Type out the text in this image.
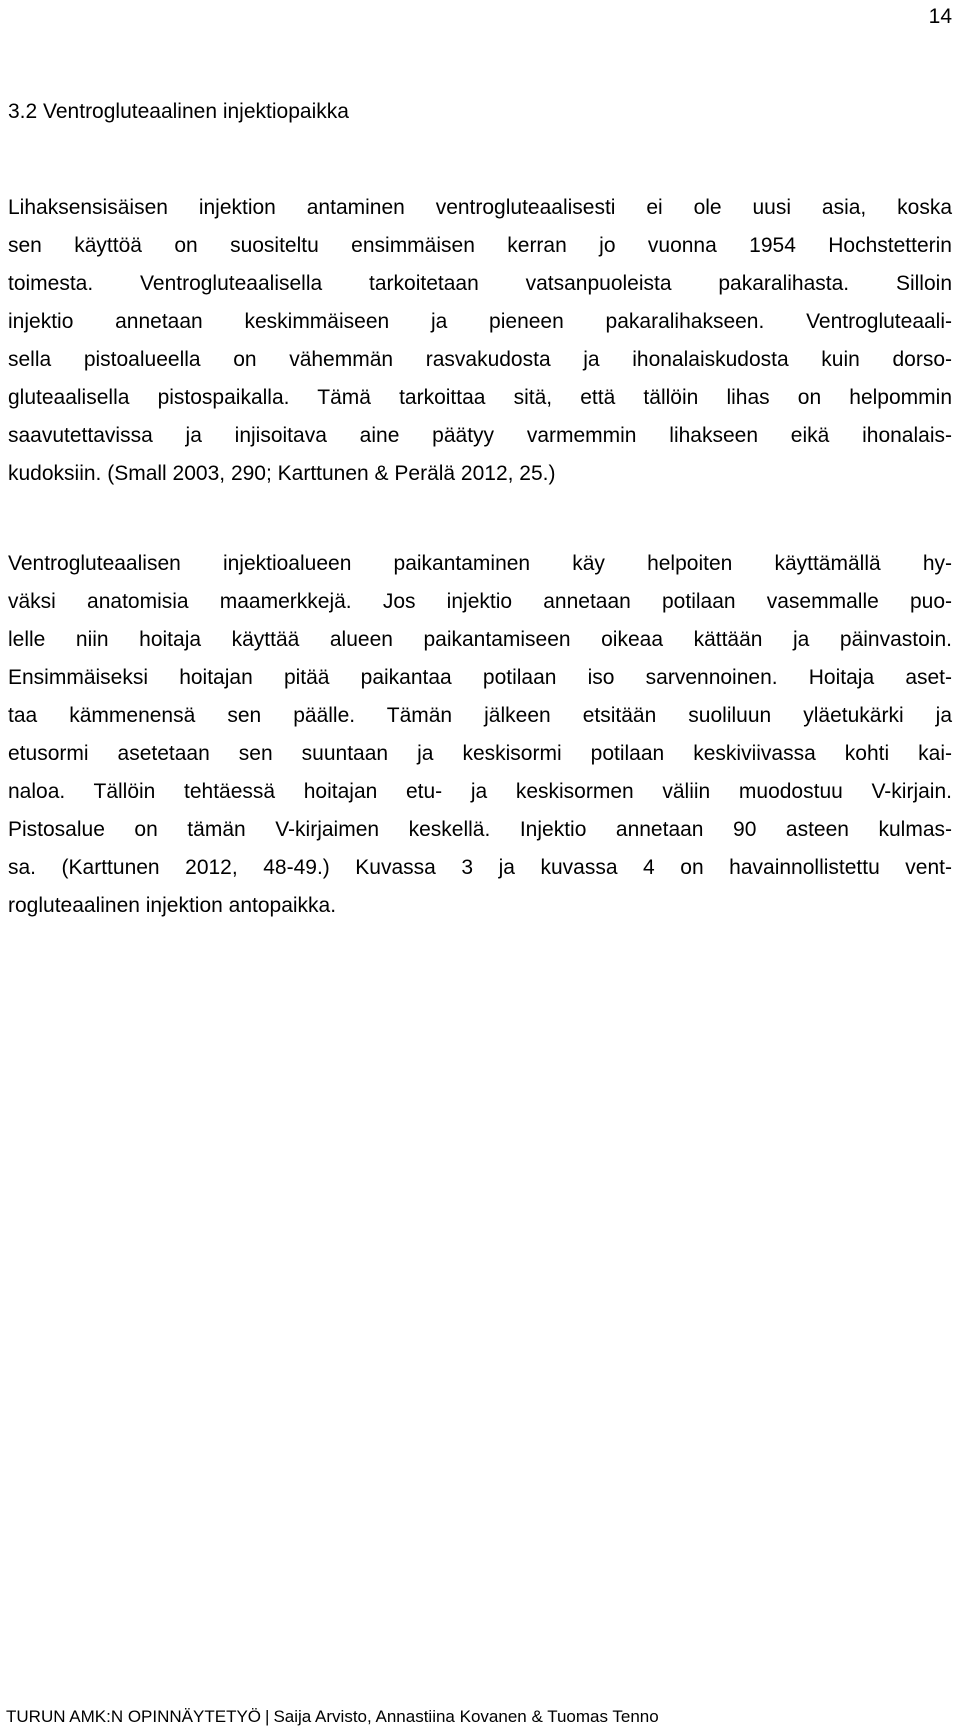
14
3.2 Ventrogluteaalinen injektiopaikka
Lihaksensisäisen injektion antaminen ventrogluteaalisesti ei ole uusi asia, koska
sen käyttöä on suositeltu ensimmäisen kerran jo vuonna 1954 Hochstetterin
toimesta. Ventrogluteaalisella tarkoitetaan vatsanpuoleista pakaralihasta. Silloin
injektio annetaan keskimmäiseen ja pieneen pakaralihakseen. Ventrogluteaali-
sella pistoalueella on vähemmän rasvakudosta ja ihonalaiskudosta kuin dorso-
gluteaalisella pistospaikalla. Tämä tarkoittaa sitä, että tällöin lihas on helpommin
saavutettavissa ja injisoitava aine päätyy varmemmin lihakseen eikä ihonalais-
kudoksiin. (Small 2003, 290; Karttunen & Perälä 2012, 25.)
Ventrogluteaalisen injektioalueen paikantaminen käy helpoiten käyttämällä hy-
väksi anatomisia maamerkkejä. Jos injektio annetaan potilaan vasemmalle puo-
lelle niin hoitaja käyttää alueen paikantamiseen oikeaa kättään ja päinvastoin.
Ensimmäiseksi hoitajan pitää paikantaa potilaan iso sarvennoinen. Hoitaja aset-
taa kämmenensä sen päälle. Tämän jälkeen etsitään suoliluun yläetukärki ja
etusormi asetetaan sen suuntaan ja keskisormi potilaan keskiviivassa kohti kai-
naloa. Tällöin tehtäessä hoitajan etu- ja keskisormen väliin muodostuu V-kirjain.
Pistosalue on tämän V-kirjaimen keskellä. Injektio annetaan 90 asteen kulmas-
sa. (Karttunen 2012, 48-49.) Kuvassa 3 ja kuvassa 4 on havainnollistettu vent-
rogluteaalinen injektion antopaikka.
TURUN AMK:N OPINNÄYTETYÖ | Saija Arvisto, Annastiina Kovanen & Tuomas Tenno
